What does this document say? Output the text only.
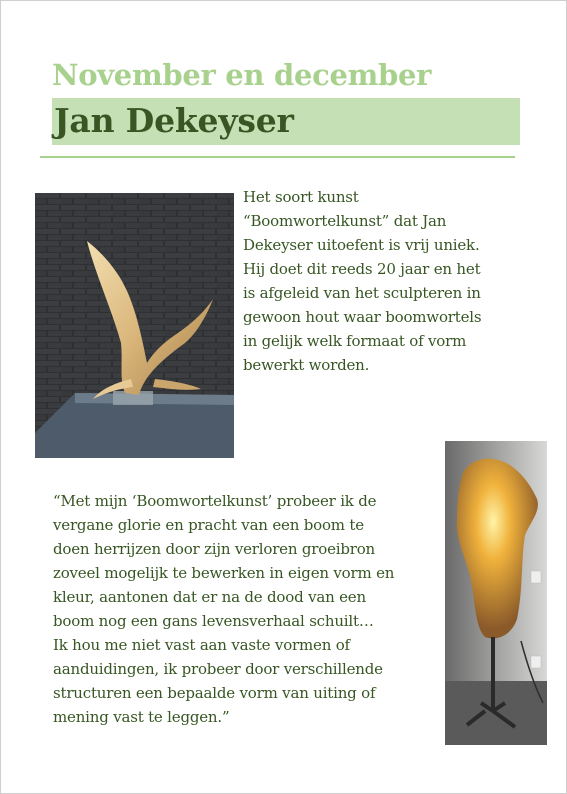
November en december
Jan Dekeyser
Het soort kunst
“Boomwortelkunst” dat Jan
Dekeyser uitoefent is vrij uniek.
Hij doet dit reeds 20 jaar en het
is afgeleid van het sculpteren in
gewoon hout waar boomwortels
in gelijk welk formaat of vorm
bewerkt worden.
“Met mijn ‘Boomwortelkunst’ probeer ik de
vergane glorie en pracht van een boom te
doen herrijzen door zijn verloren groeibron
zoveel mogelijk te bewerken in eigen vorm en
kleur, aantonen dat er na de dood van een
boom nog een gans levensverhaal schuilt…
Ik hou me niet vast aan vaste vormen of
aanduidingen, ik probeer door verschillende
structuren een bepaalde vorm van uiting of
mening vast te leggen.”
